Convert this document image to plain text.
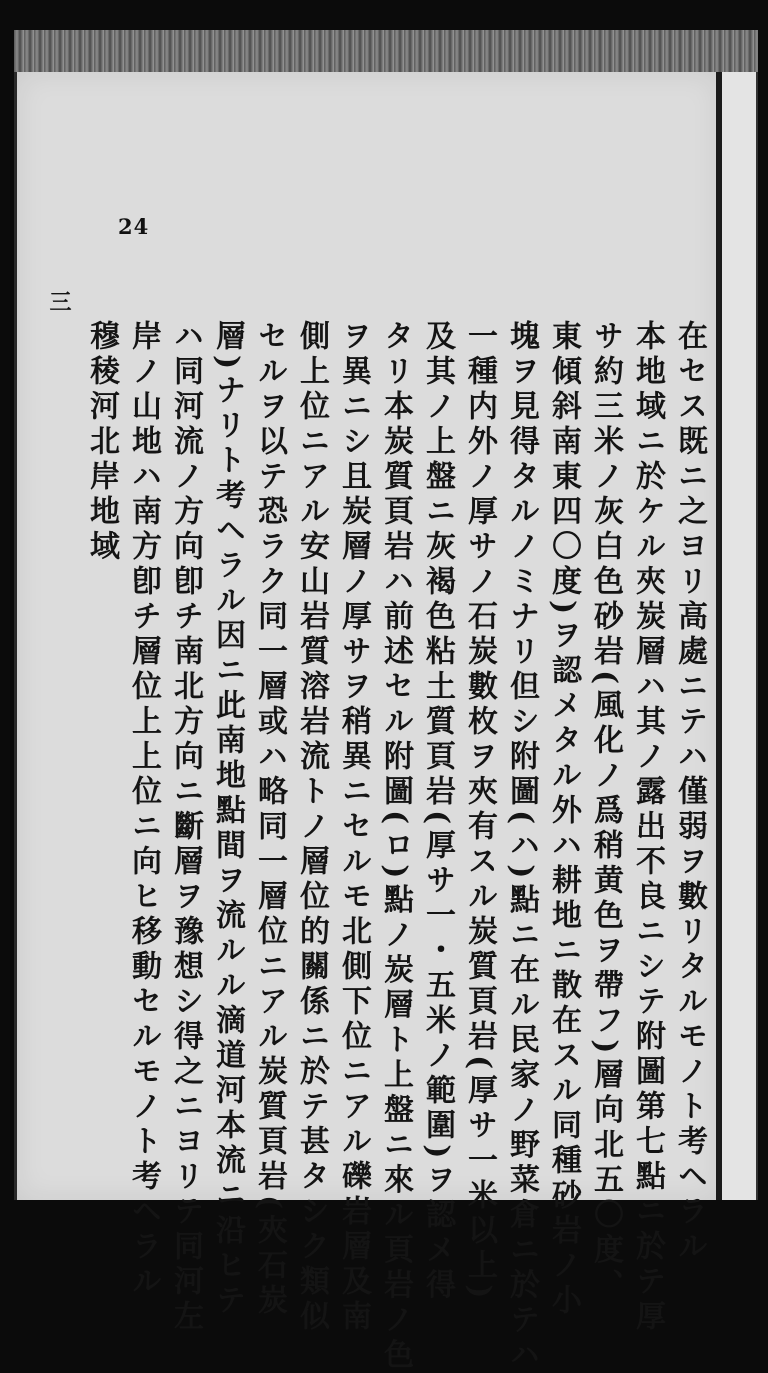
24
在セス既ニ之ヨリ高處ニテハ僅弱ヲ數リタルモノト考ヘラル
本地域ニ於ケル夾炭層ハ其ノ露出不良ニシテ附圖第七點ニ於テ厚
サ約三米ノ灰白色砂岩(風化ノ爲稍黄色ヲ帶フ)層向北五〇度、
東傾斜南東四〇度)ヲ認メタル外ハ耕地ニ散在スル同種砂岩ノ小
塊ヲ見得タルノミナリ但シ附圖(ハ)點ニ在ル民家ノ野菜倉ニ於テハ
一種内外ノ厚サノ石炭數枚ヲ夾有スル炭質頁岩(厚サ一米以上)
及其ノ上盤ニ灰褐色粘土質頁岩(厚サ一・五米ノ範圍)ヲ認メ得
タリ本炭質頁岩ハ前述セル附圖(ロ)點ノ炭層ト上盤ニ來ル頁岩ノ色
ヲ異ニシ且炭層ノ厚サヲ稍異ニセルモ北側下位ニアル礫岩層及南
側上位ニアル安山岩質溶岩流トノ層位的關係ニ於テ甚タシク類似
セルヲ以テ恐ラク同一層或ハ略同一層位ニアル炭質頁岩(夾石炭
層)ナリト考ヘラル因ニ此南地點間ヲ流ルル滴道河本流ニ沿ヒテ
ハ同河流ノ方向卽チ南北方向ニ斷層ヲ豫想シ得之ニヨリテ同河左
岸ノ山地ハ南方卽チ層位上上位ニ向ヒ移動セルモノト考ヘラル
穆稜河北岸地域
三
